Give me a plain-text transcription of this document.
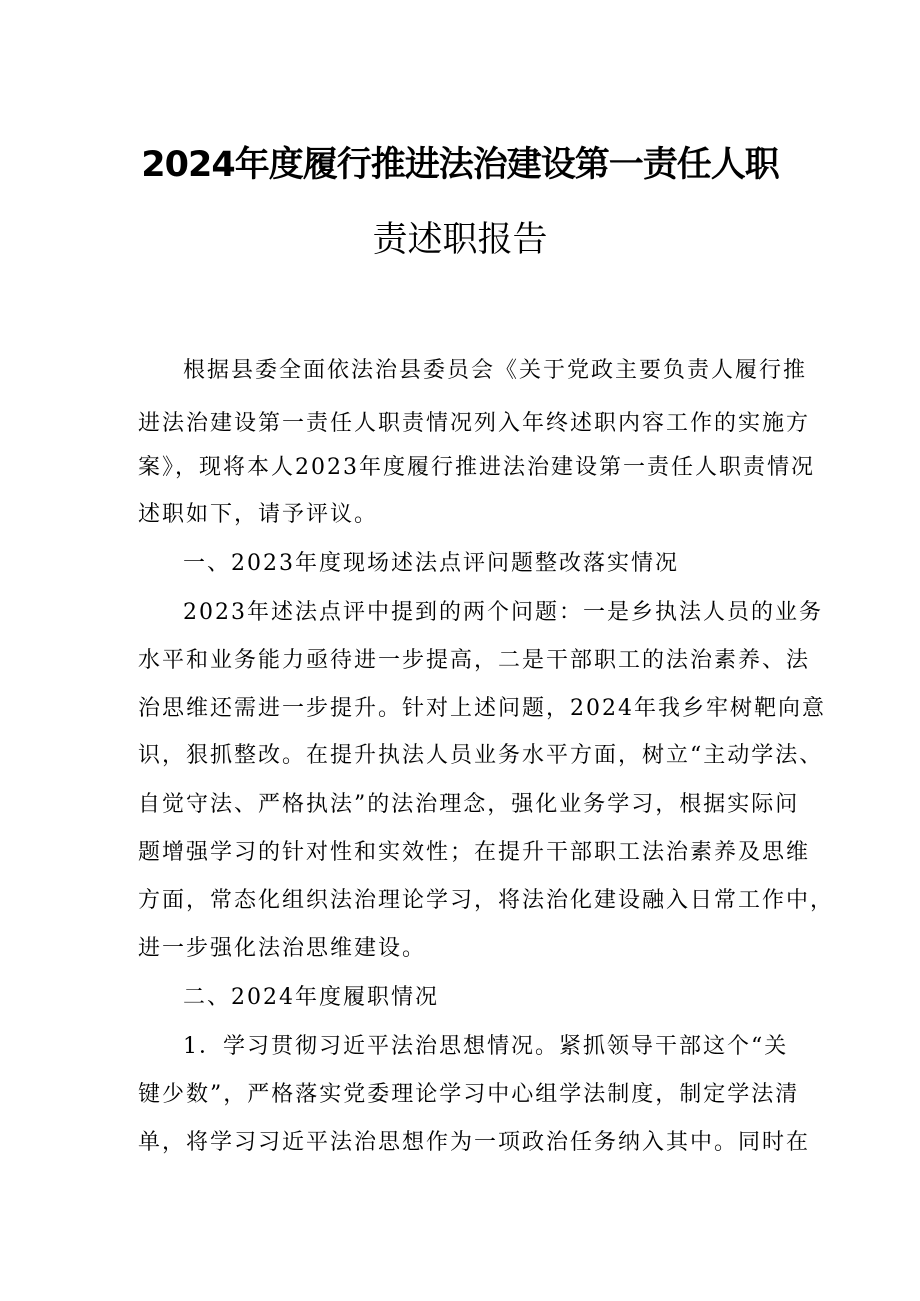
2024年度履行推进法治建设第一责任人职
责述职报告
根据县委全面依法治县委员会《关于党政主要负责人履行推
进法治建设第一责任人职责情况列入年终述职内容工作的实施方
案》，现将本人2023年度履行推进法治建设第一责任人职责情况
述职如下，请予评议。
一、2023年度现场述法点评问题整改落实情况
2023年述法点评中提到的两个问题：一是乡执法人员的业务
水平和业务能力亟待进一步提高，二是干部职工的法治素养、法
治思维还需进一步提升。针对上述问题，2024年我乡牢树靶向意
识，狠抓整改。在提升执法人员业务水平方面，树立“主动学法、
自觉守法、严格执法”的法治理念，强化业务学习，根据实际问
题增强学习的针对性和实效性；在提升干部职工法治素养及思维
方面，常态化组织法治理论学习，将法治化建设融入日常工作中，
进一步强化法治思维建设。
二、2024年度履职情况
1．学习贯彻习近平法治思想情况。紧抓领导干部这个“关
键少数”，严格落实党委理论学习中心组学法制度，制定学法清
单，将学习习近平法治思想作为一项政治任务纳入其中。同时在
